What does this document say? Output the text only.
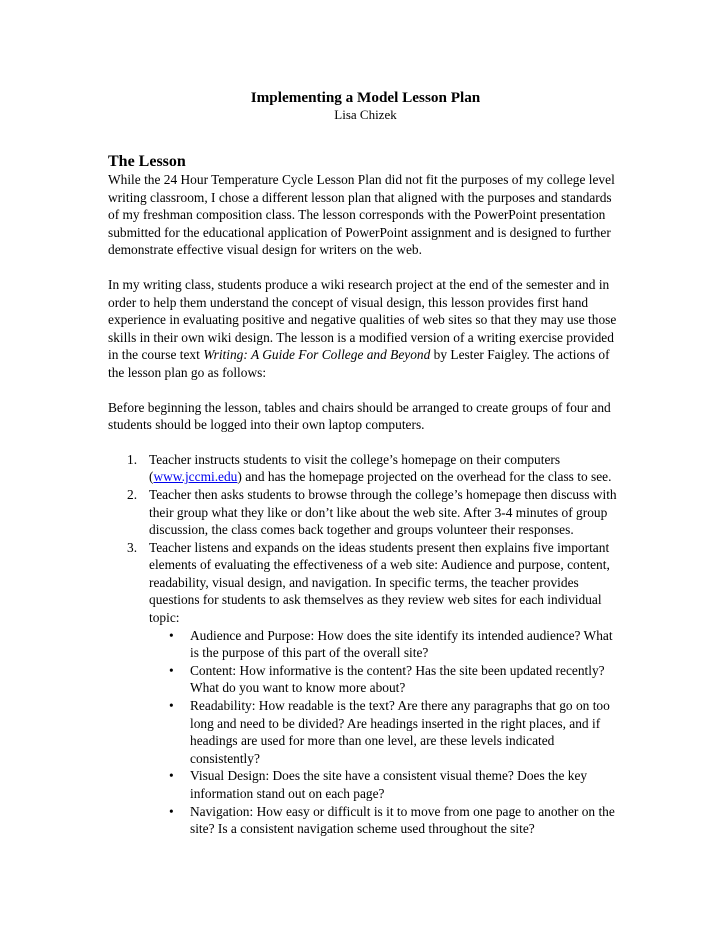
Implementing a Model Lesson Plan
Lisa Chizek
The Lesson

While the 24 Hour Temperature Cycle Lesson Plan did not fit the purposes of my college level writing classroom, I chose a different lesson plan that aligned with the purposes and standards of my freshman composition class. The lesson corresponds with the PowerPoint presentation submitted for the educational application of PowerPoint assignment and is designed to further demonstrate effective visual design for writers on the web.

In my writing class, students produce a wiki research project at the end of the semester and in order to help them understand the concept of visual design, this lesson provides first hand experience in evaluating positive and negative qualities of web sites so that they may use those skills in their own wiki design. The lesson is a modified version of a writing exercise provided in the course text Writing: A Guide For College and Beyond by Lester Faigley. The actions of the lesson plan go as follows:

Before beginning the lesson, tables and chairs should be arranged to create groups of four and students should be logged into their own laptop computers.

1. Teacher instructs students to visit the college’s homepage on their computers (www.jccmi.edu) and has the homepage projected on the overhead for the class to see.
2. Teacher then asks students to browse through the college’s homepage then discuss with their group what they like or don’t like about the web site. After 3-4 minutes of group discussion, the class comes back together and groups volunteer their responses.
3. Teacher listens and expands on the ideas students present then explains five important elements of evaluating the effectiveness of a web site: Audience and purpose, content, readability, visual design, and navigation. In specific terms, the teacher provides questions for students to ask themselves as they review web sites for each individual topic:
• Audience and Purpose: How does the site identify its intended audience? What is the purpose of this part of the overall site?
• Content: How informative is the content? Has the site been updated recently? What do you want to know more about?
• Readability: How readable is the text? Are there any paragraphs that go on too long and need to be divided? Are headings inserted in the right places, and if headings are used for more than one level, are these levels indicated consistently?
• Visual Design: Does the site have a consistent visual theme? Does the key information stand out on each page?
• Navigation: How easy or difficult is it to move from one page to another on the site? Is a consistent navigation scheme used throughout the site?
